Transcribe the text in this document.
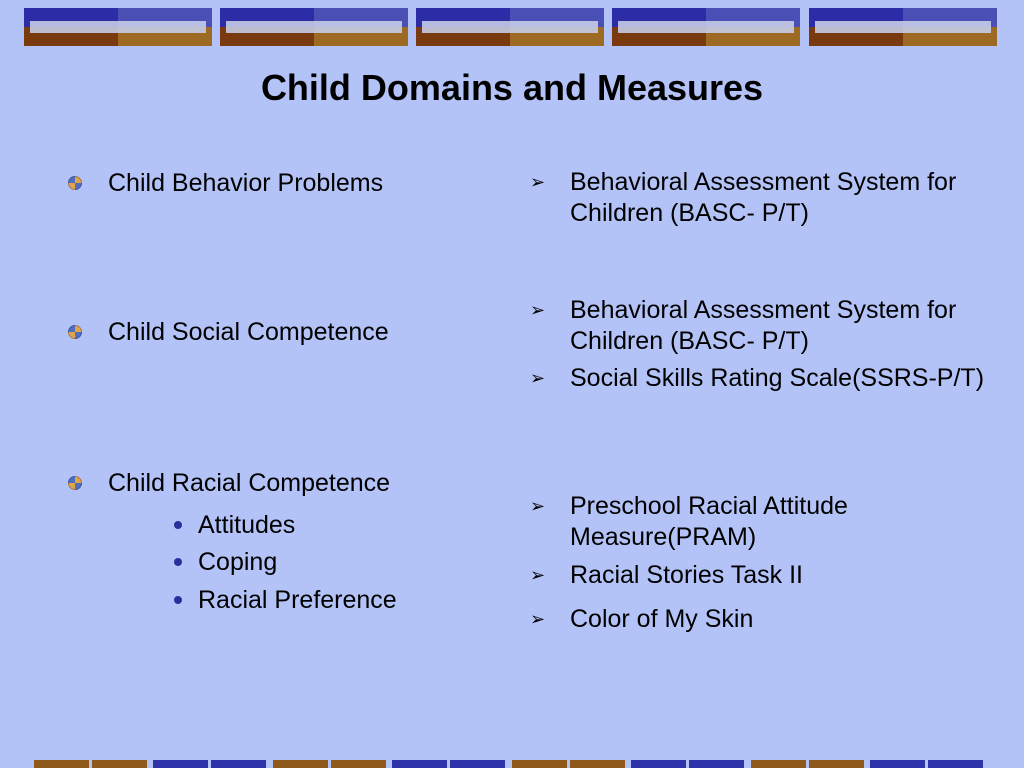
Child Domains and Measures
Child Behavior Problems
Child Social Competence
Child Racial Competence
Attitudes
Coping
Racial Preference
➢ Behavioral Assessment System for Children (BASC- P/T)
➢ Behavioral Assessment System for Children (BASC- P/T)
➢ Social Skills Rating Scale(SSRS-P/T)
➢ Preschool Racial Attitude Measure(PRAM)
➢ Racial Stories Task II
➢ Color of My Skin
